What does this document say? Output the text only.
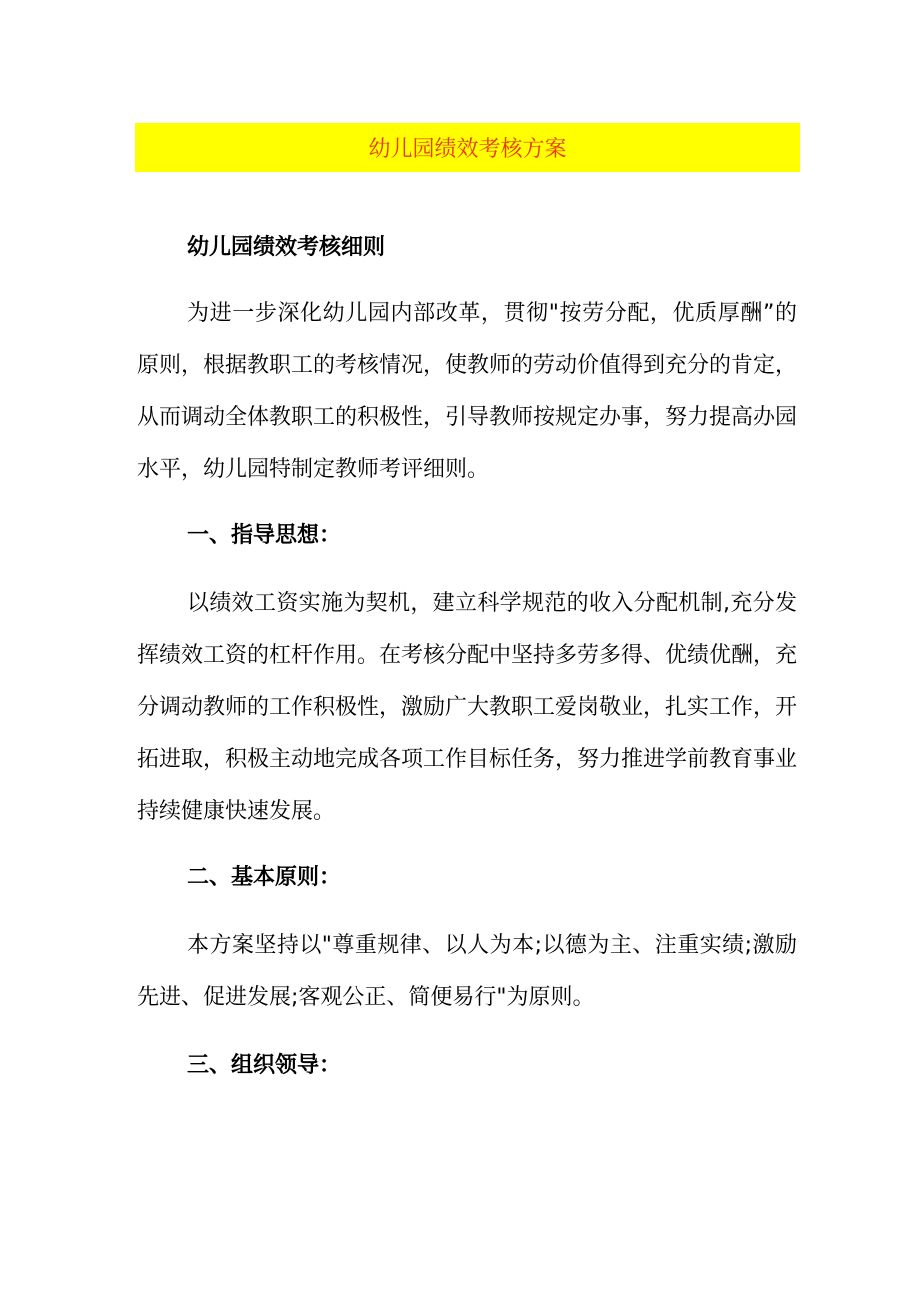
幼儿园绩效考核方案

幼儿园绩效考核细则

为进一步深化幼儿园内部改革，贯彻"按劳分配，优质厚酬”的原则，根据教职工的考核情况，使教师的劳动价值得到充分的肯定，从而调动全体教职工的积极性，引导教师按规定办事，努力提高办园水平，幼儿园特制定教师考评细则。

一、指导思想：

以绩效工资实施为契机，建立科学规范的收入分配机制,充分发挥绩效工资的杠杆作用。在考核分配中坚持多劳多得、优绩优酬，充分调动教师的工作积极性，激励广大教职工爱岗敬业，扎实工作，开拓进取，积极主动地完成各项工作目标任务，努力推进学前教育事业持续健康快速发展。

二、基本原则：

本方案坚持以"尊重规律、以人为本;以德为主、注重实绩;激励先进、促进发展;客观公正、简便易行"为原则。

三、组织领导：
